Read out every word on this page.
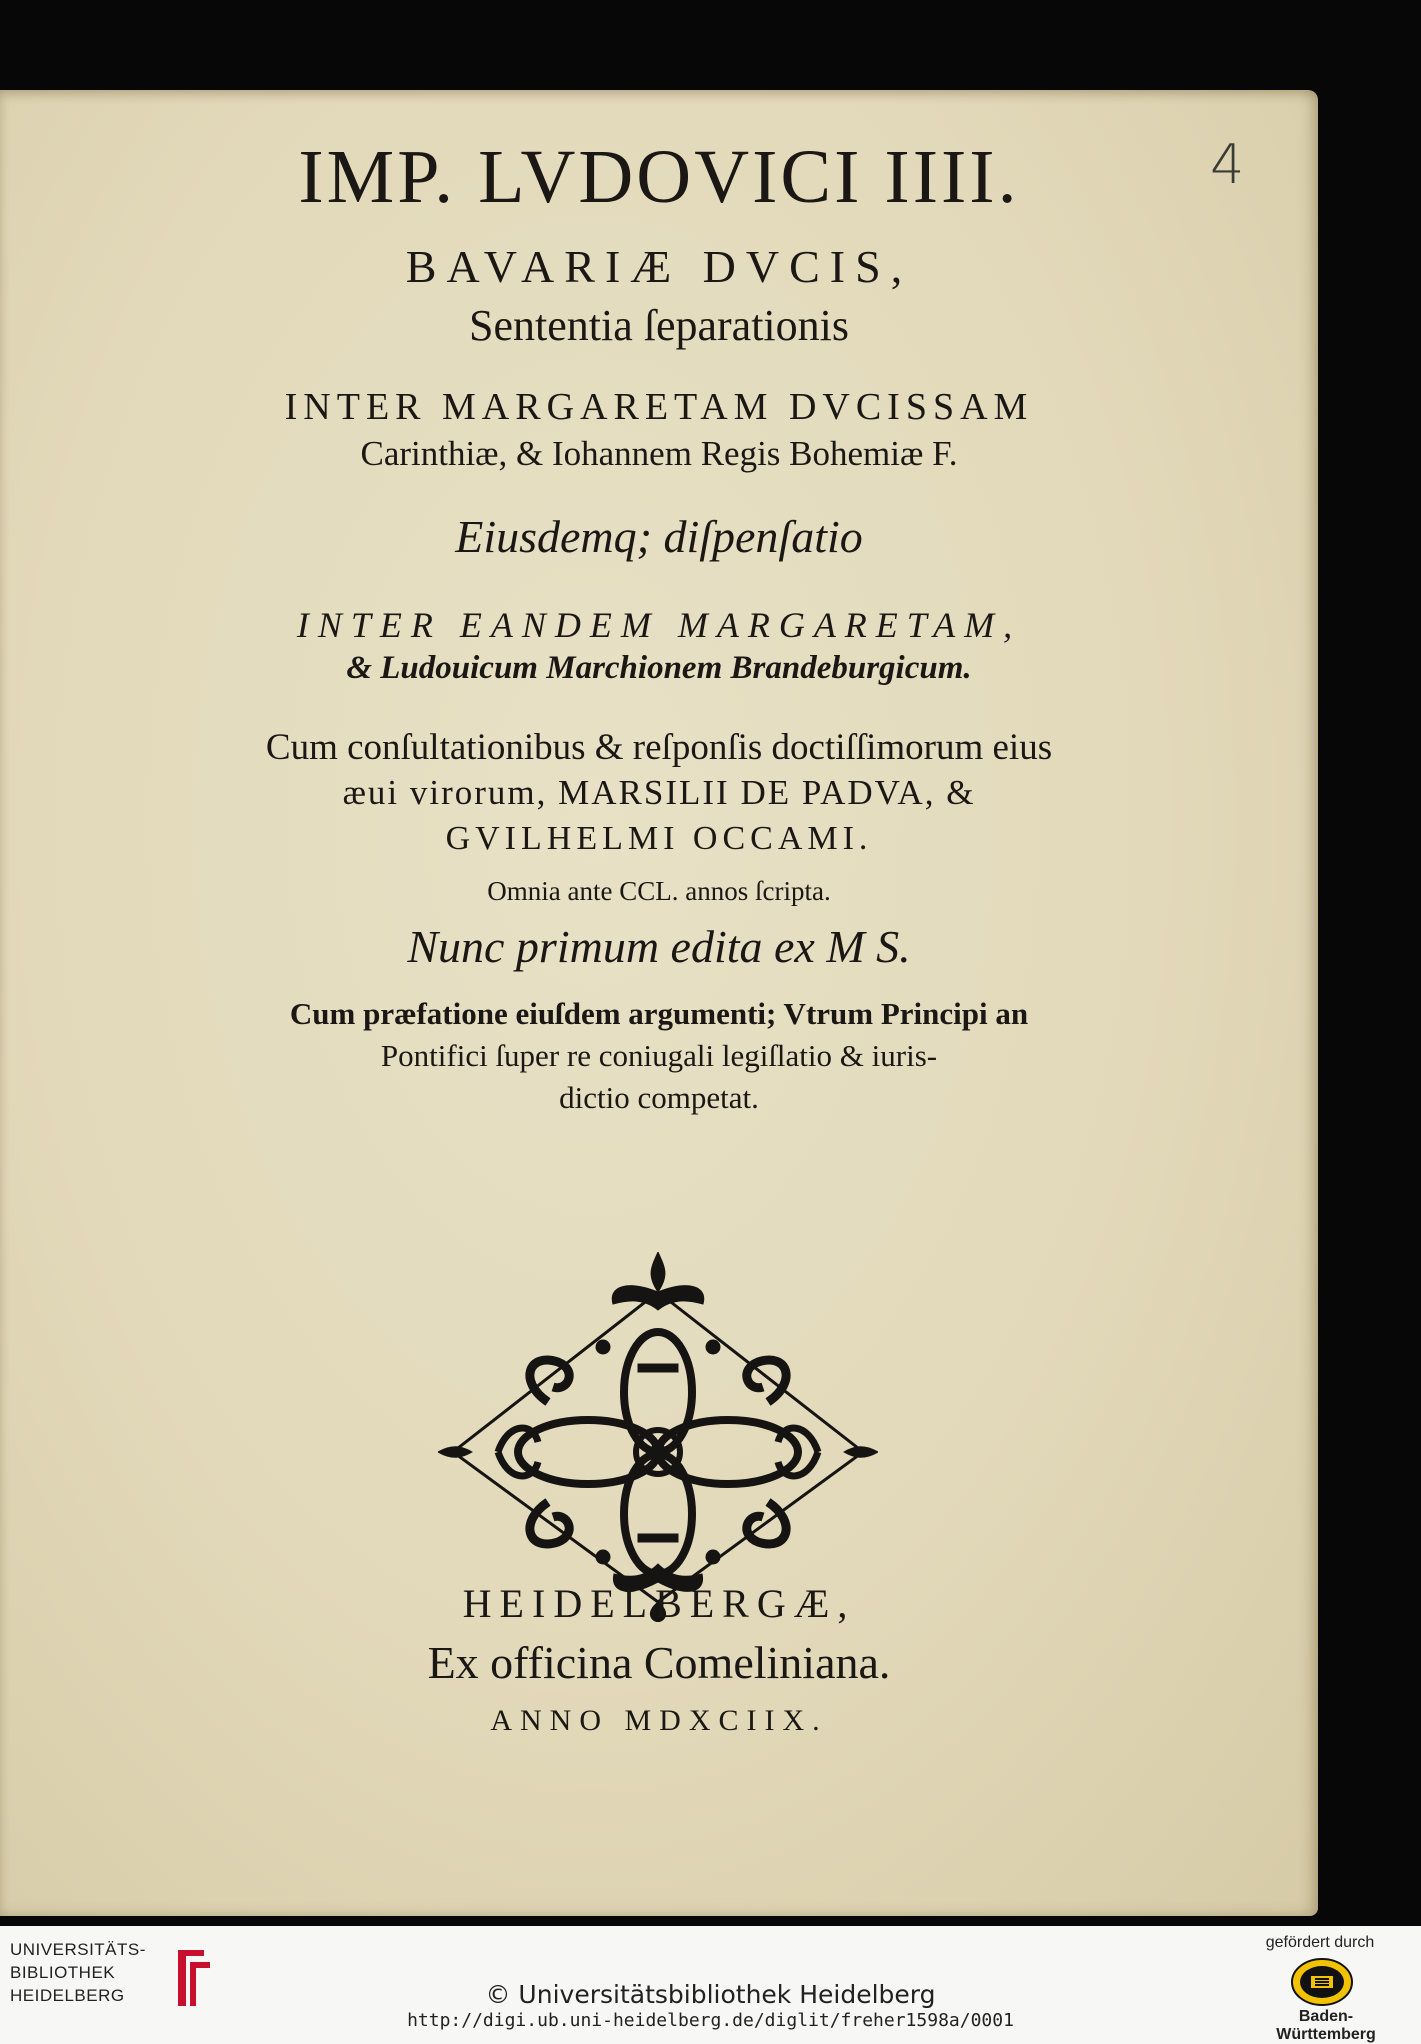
4

IMP. LVDOVICI IIII.

BAVARIÆ DVCIS,

Sententia ſeparationis

INTER MARGARETAM DVCISSAM

Carinthiæ, & Iohannem Regis Bohemiæ F.

Eiusdemq; diſpenſatio

INTER EANDEM MARGARETAM,

& Ludouicum Marchionem Brandeburgicum.

Cum conſultationibus & reſponſis doctiſſimorum eius

æui virorum, MARSILII DE PADVA, &

GVILHELMI OCCAMI.

Omnia ante CCL. annos ſcripta.

Nunc primum edita ex M S.

Cum præfatione eiuſdem argumenti; Vtrum Principi an

Pontifici ſuper re coniugali legiſlatio & iuris-

dictio competat.

HEIDELBERGÆ,

Ex officina Comeliniana.

ANNO MDXCIIX.

UNIVERSITÄTS-
BIBLIOTHEK
HEIDELBERG	© Universitätsbibliothek Heidelberg
http://digi.ub.uni-heidelberg.de/diglit/freher1598a/0001
gefördert durch
Baden-Württemberg
